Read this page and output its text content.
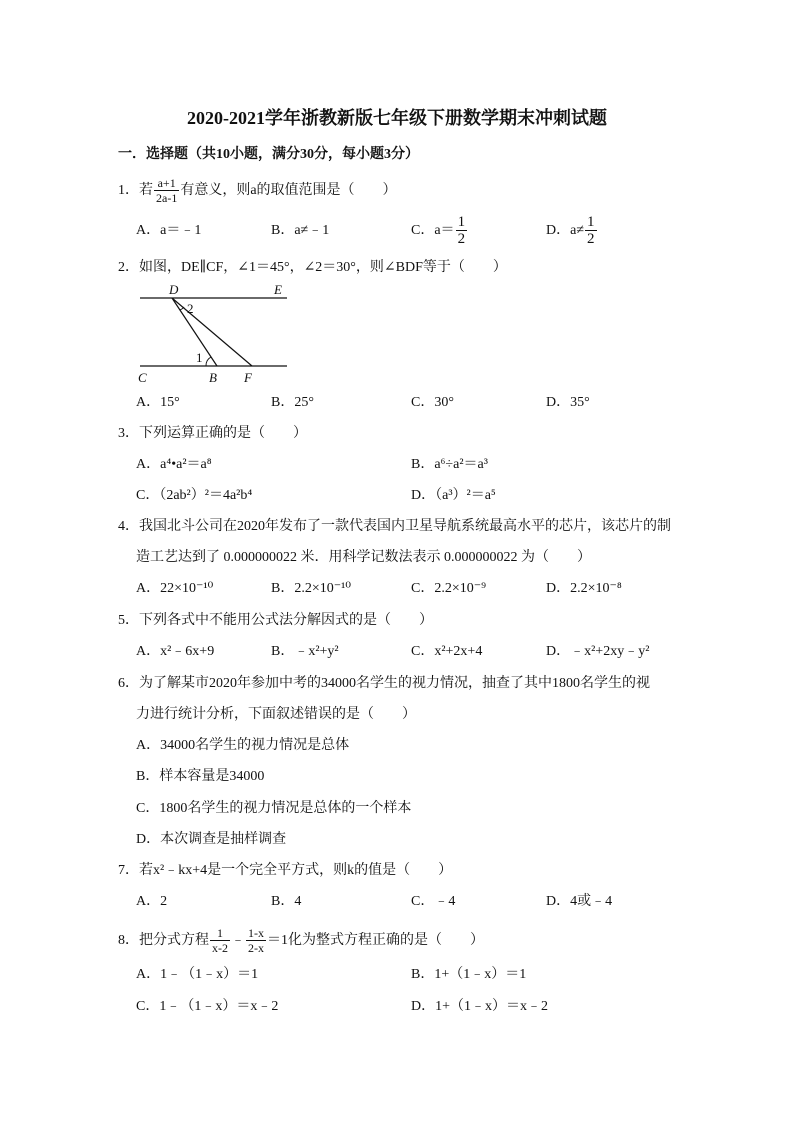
2020-2021学年浙教新版七年级下册数学期末冲刺试题
一．选择题（共10小题，满分30分，每小题3分）
1．若 $\frac{a+1}{2a-1}$ 有意义，则a的取值范围是（　　）
A．a＝﹣1	B．a≠﹣1	C．$a= \frac{1}{2}$	D．$a\ne \frac{1}{2}$
2．如图，DE∥CF，∠1＝45°，∠2＝30°，则∠BDF等于（　　）
D	E
C	B F
1
2
A．15°	B．25°	C．30°	D．35°
3．下列运算正确的是（　　）
A．a⁴•a²＝a⁸	B．a⁶÷a²＝a³
C．（2ab²）²＝4a²b⁴	D．（a³）²＝a⁵
4．我国北斗公司在2020年发布了一款代表国内卫星导航系统最高水平的芯片，该芯片的制
造工艺达到了 0.000000022 米．用科学记数法表示 0.000000022 为（　　）
A．22×10⁻¹⁰	B．2.2×10⁻¹⁰	C．2.2×10⁻⁹	D．2.2×10⁻⁸
5．下列各式中不能用公式法分解因式的是（　　）
A．x²﹣6x+9	B．﹣x²+y²	C．x²+2x+4	D．﹣x²+2xy﹣y²
6．为了解某市2020年参加中考的34000名学生的视力情况，抽查了其中1800名学生的视
力进行统计分析，下面叙述错误的是（　　）
A．34000名学生的视力情况是总体
B．样本容量是34000
C．1800名学生的视力情况是总体的一个样本
D．本次调查是抽样调查
7．若x²﹣kx+4是一个完全平方式，则k的值是（　　）
A．2	B．4	C．﹣4	D．4或﹣4
8．把分式方程 $\frac{1}{x-2}$ ﹣ $\frac{1-x}{2-x} =1$化为整式方程正确的是（　　）
A．1﹣（1﹣x）＝1	B．1+（1﹣x）＝1
C．1﹣（1﹣x）＝x﹣2	D．1+（1﹣x）＝x﹣2
